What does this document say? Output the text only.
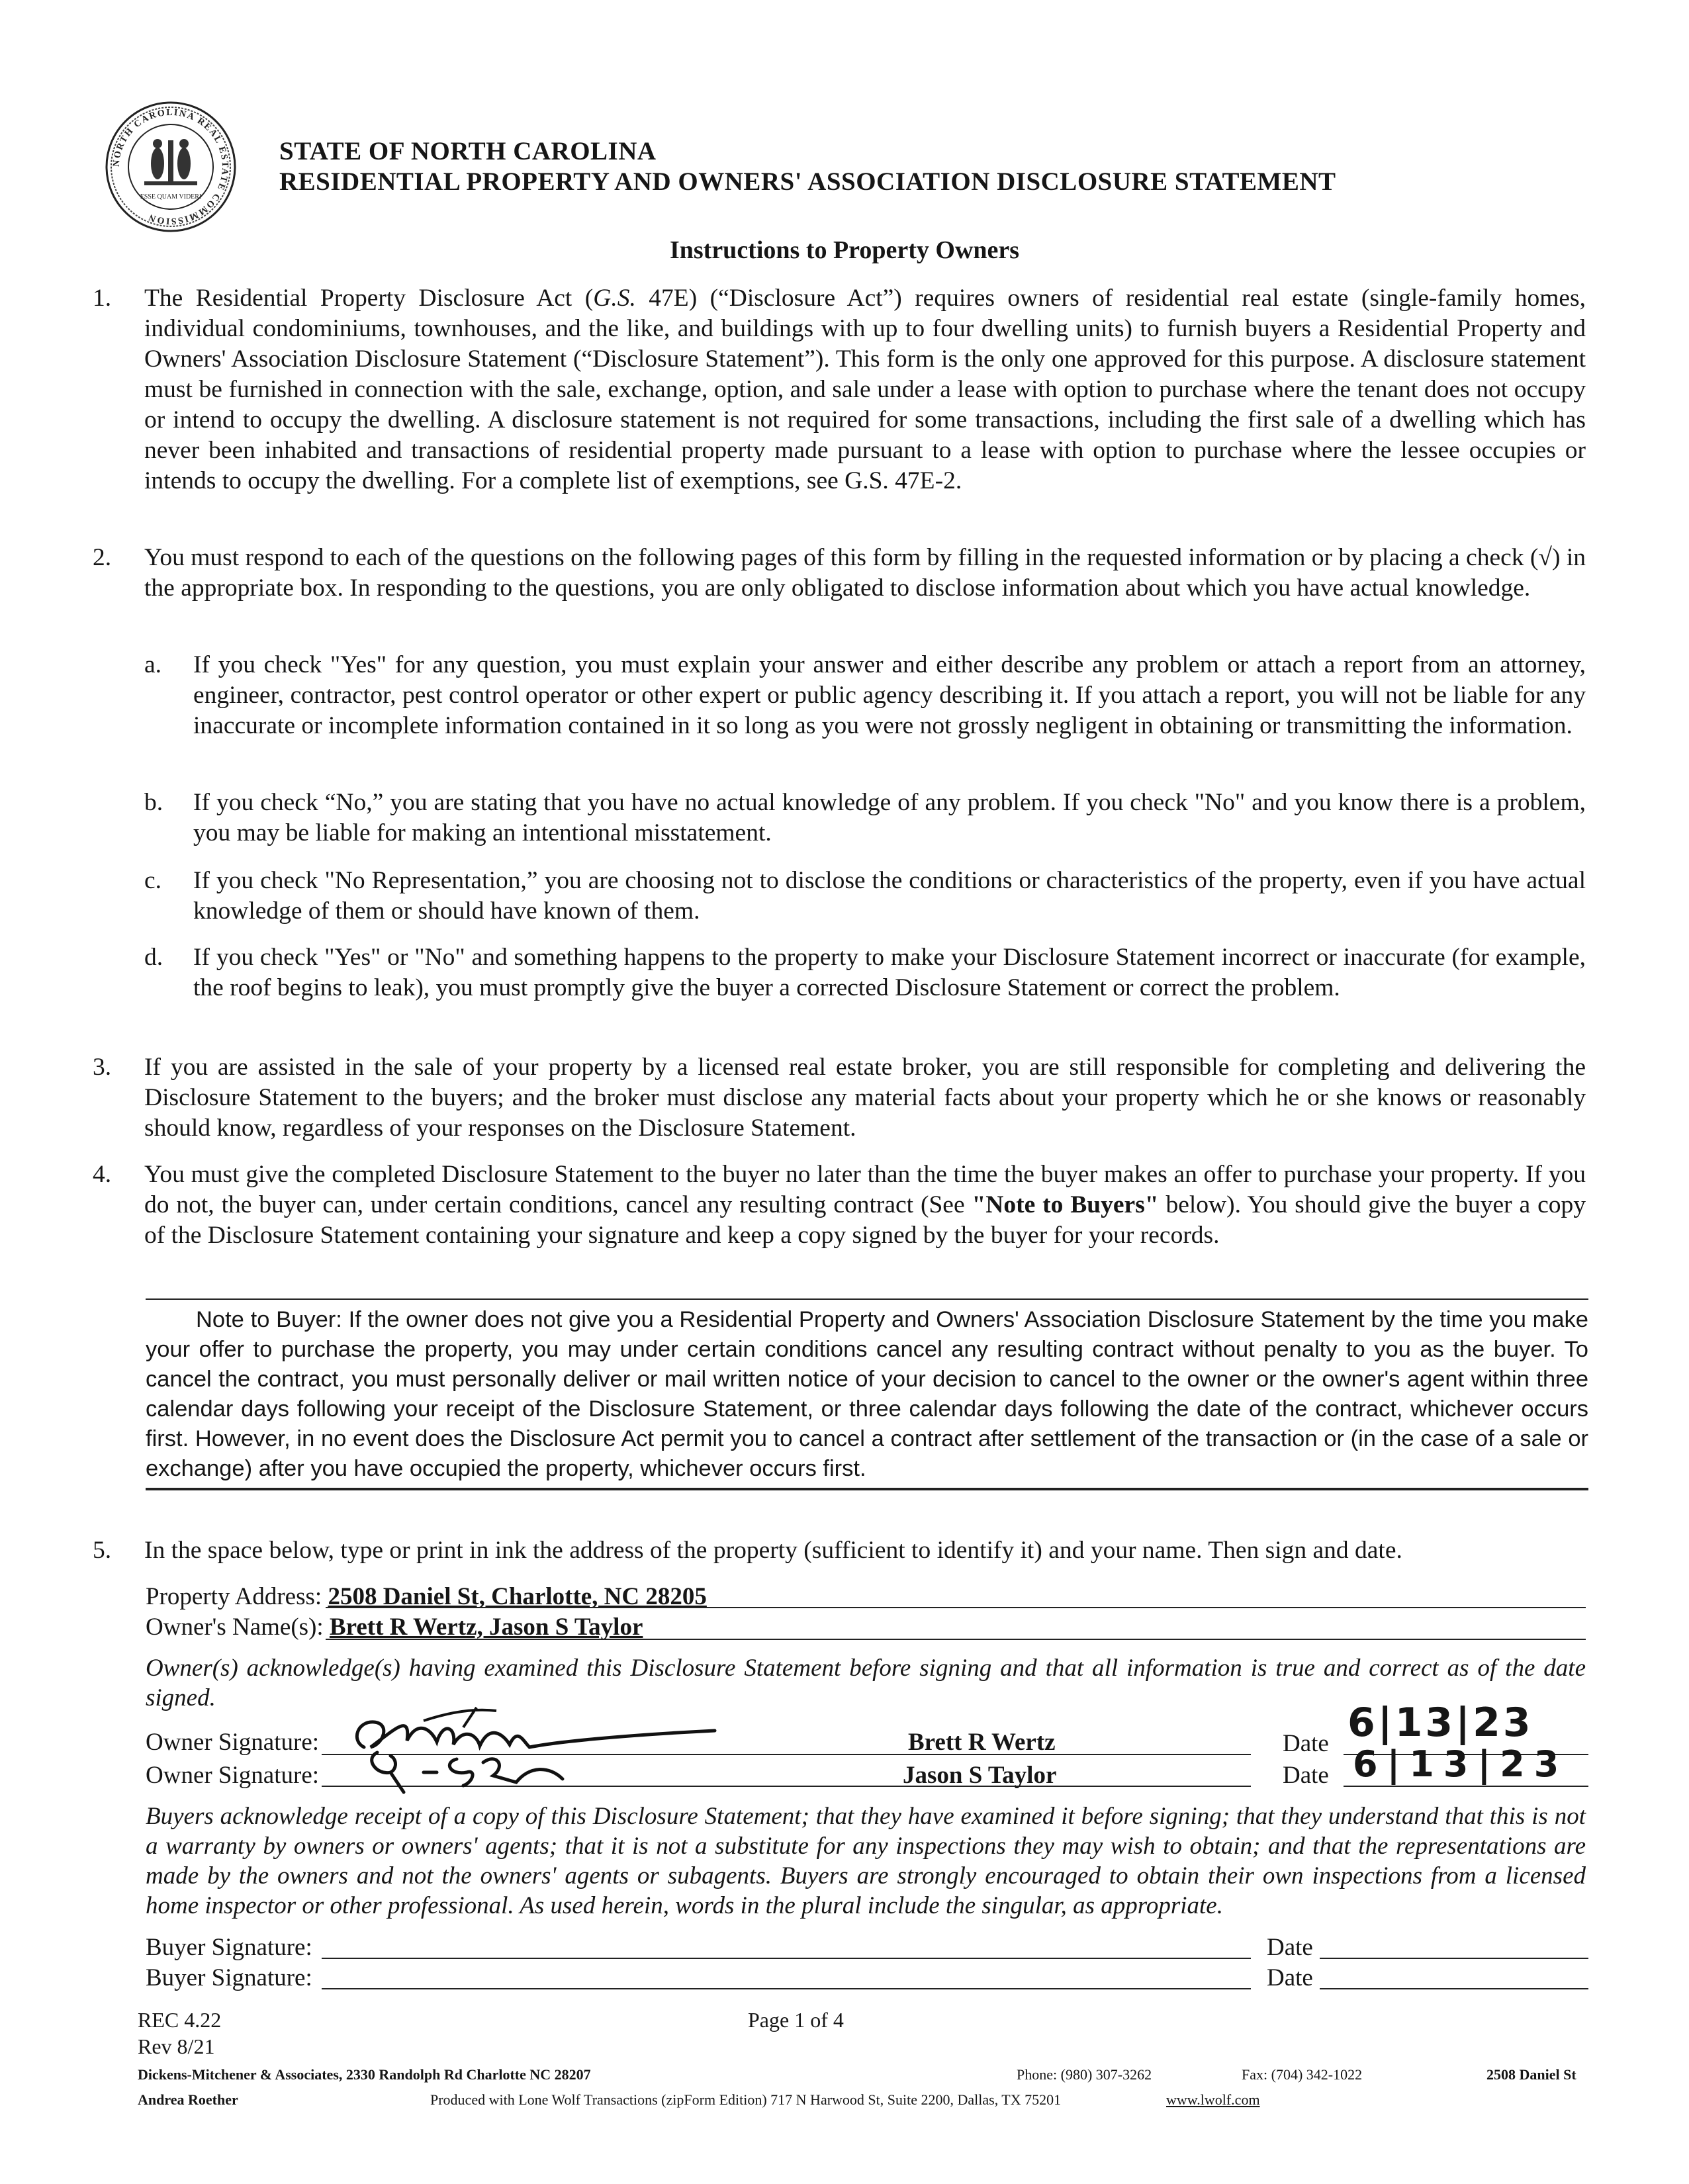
NORTH CAROLINA REAL ESTATE COMMISSION
ESSE QUAM VIDERI
STATE OF NORTH CAROLINA
RESIDENTIAL PROPERTY AND OWNERS' ASSOCIATION DISCLOSURE STATEMENT
Instructions to Property Owners
1. The Residential Property Disclosure Act (G.S. 47E) (“Disclosure Act”) requires owners of residential real estate (single-family homes, individual condominiums, townhouses, and the like, and buildings with up to four dwelling units) to furnish buyers a Residential Property and Owners' Association Disclosure Statement (“Disclosure Statement”). This form is the only one approved for this purpose. A disclosure statement must be furnished in connection with the sale, exchange, option, and sale under a lease with option to purchase where the tenant does not occupy or intend to occupy the dwelling. A disclosure statement is not required for some transactions, including the first sale of a dwelling which has never been inhabited and transactions of residential property made pursuant to a lease with option to purchase where the lessee occupies or intends to occupy the dwelling. For a complete list of exemptions, see G.S. 47E-2.
2. You must respond to each of the questions on the following pages of this form by filling in the requested information or by placing a check (√) in the appropriate box. In responding to the questions, you are only obligated to disclose information about which you have actual knowledge.
a. If you check "Yes" for any question, you must explain your answer and either describe any problem or attach a report from an attorney, engineer, contractor, pest control operator or other expert or public agency describing it. If you attach a report, you will not be liable for any inaccurate or incomplete information contained in it so long as you were not grossly negligent in obtaining or transmitting the information.
b. If you check “No,” you are stating that you have no actual knowledge of any problem. If you check "No" and you know there is a problem, you may be liable for making an intentional misstatement.
c. If you check "No Representation,” you are choosing not to disclose the conditions or characteristics of the property, even if you have actual knowledge of them or should have known of them.
d. If you check "Yes" or "No" and something happens to the property to make your Disclosure Statement incorrect or inaccurate (for example, the roof begins to leak), you must promptly give the buyer a corrected Disclosure Statement or correct the problem.
3. If you are assisted in the sale of your property by a licensed real estate broker, you are still responsible for completing and delivering the Disclosure Statement to the buyers; and the broker must disclose any material facts about your property which he or she knows or reasonably should know, regardless of your responses on the Disclosure Statement.
4. You must give the completed Disclosure Statement to the buyer no later than the time the buyer makes an offer to purchase your property. If you do not, the buyer can, under certain conditions, cancel any resulting contract (See "Note to Buyers" below). You should give the buyer a copy of the Disclosure Statement containing your signature and keep a copy signed by the buyer for your records.
Note to Buyer: If the owner does not give you a Residential Property and Owners' Association Disclosure Statement by the time you make your offer to purchase the property, you may under certain conditions cancel any resulting contract without penalty to you as the buyer. To cancel the contract, you must personally deliver or mail written notice of your decision to cancel to the owner or the owner's agent within three calendar days following your receipt of the Disclosure Statement, or three calendar days following the date of the contract, whichever occurs first. However, in no event does the Disclosure Act permit you to cancel a contract after settlement of the transaction or (in the case of a sale or exchange) after you have occupied the property, whichever occurs first.
5. In the space below, type or print in ink the address of the property (sufficient to identify it) and your name. Then sign and date.
Property Address: 2508 Daniel St, Charlotte, NC 28205
Owner's Name(s): Brett R Wertz, Jason S Taylor
Owner(s) acknowledge(s) having examined this Disclosure Statement before signing and that all information is true and correct as of the date signed.
Owner Signature:	Brett R Wertz	Date 6|13|23
Owner Signature:	Jason S Taylor	Date 6|13|23
Buyers acknowledge receipt of a copy of this Disclosure Statement; that they have examined it before signing; that they understand that this is not a warranty by owners or owners' agents; that it is not a substitute for any inspections they may wish to obtain; and that the representations are made by the owners and not the owners' agents or subagents. Buyers are strongly encouraged to obtain their own inspections from a licensed home inspector or other professional. As used herein, words in the plural include the singular, as appropriate.
Buyer Signature:	Date
Buyer Signature:	Date
REC 4.22
Rev 8/21
Page 1 of 4
Dickens-Mitchener & Associates, 2330 Randolph Rd Charlotte NC 28207
Andrea Roether
Phone: (980) 307-3262	Fax: (704) 342-1022	2508 Daniel St
Produced with Lone Wolf Transactions (zipForm Edition) 717 N Harwood St, Suite 2200, Dallas, TX 75201	www.lwolf.com
